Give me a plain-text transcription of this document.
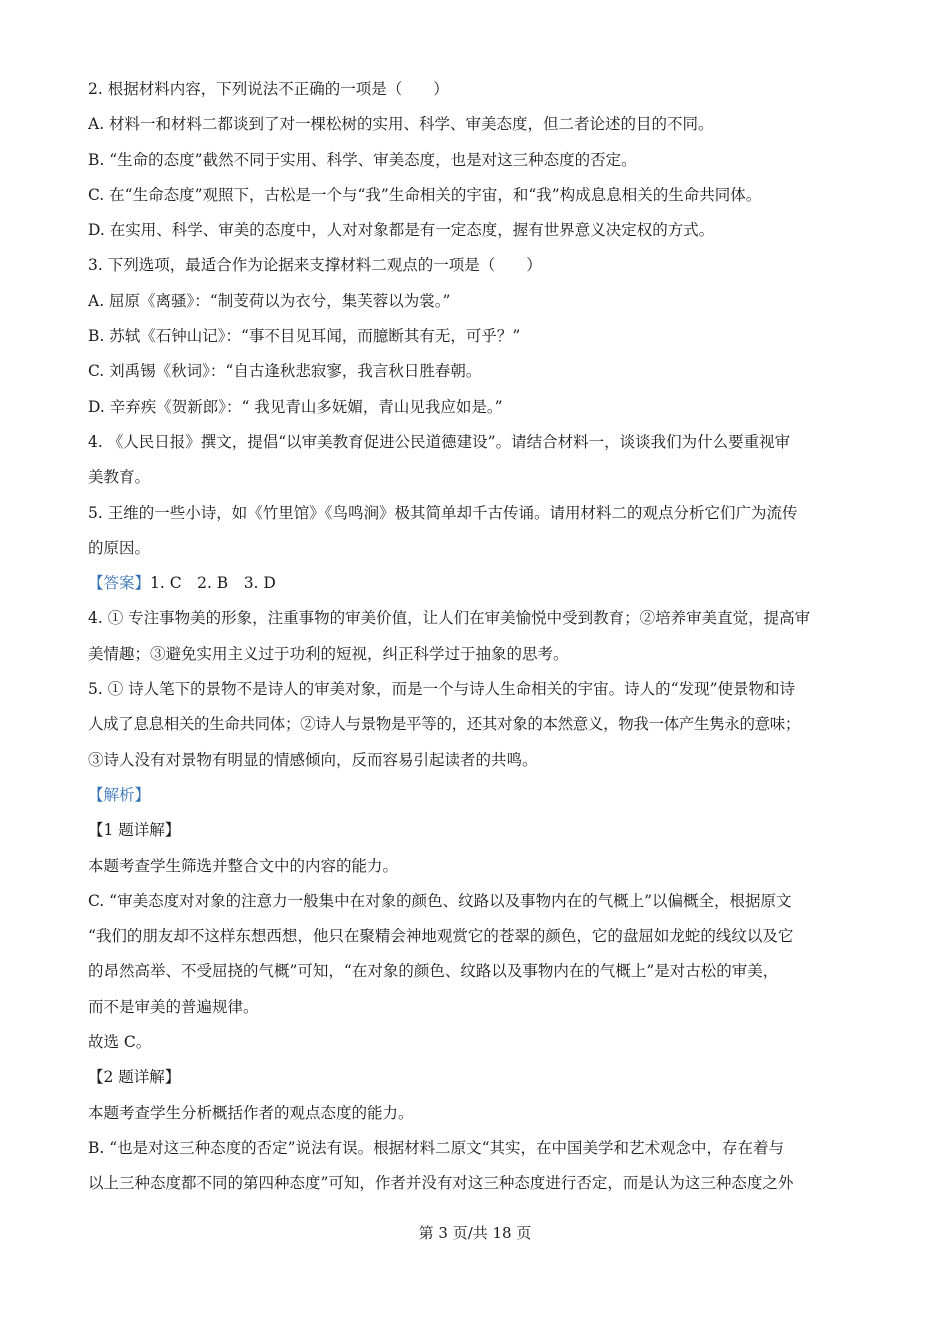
2. 根据材料内容，下列说法不正确的一项是（　　）
A. 材料一和材料二都谈到了对一棵松树的实用、科学、审美态度，但二者论述的目的不同。
B. “生命的态度”截然不同于实用、科学、审美态度，也是对这三种态度的否定。
C. 在“生命态度”观照下，古松是一个与“我”生命相关的宇宙，和“我”构成息息相关的生命共同体。
D. 在实用、科学、审美的态度中，人对对象都是有一定态度，握有世界意义决定权的方式。
3. 下列选项，最适合作为论据来支撑材料二观点的一项是（　　）
A. 屈原《离骚》：“制芰荷以为衣兮，集芙蓉以为裳。”
B. 苏轼《石钟山记》：“事不目见耳闻，而臆断其有无，可乎？”
C. 刘禹锡《秋词》：“自古逢秋悲寂寥，我言秋日胜春朝。
D. 辛弃疾《贺新郎》：“ 我见青山多妩媚，青山见我应如是。”
4. 《人民日报》撰文，提倡“以审美教育促进公民道德建设”。请结合材料一，谈谈我们为什么要重视审
美教育。
5. 王维的一些小诗，如《竹里馆》《鸟鸣涧》极其简单却千古传诵。请用材料二的观点分析它们广为流传
的原因。
【答案】1. C　2. B　3. D
4. ① 专注事物美的形象，注重事物的审美价值，让人们在审美愉悦中受到教育；②培养审美直觉，提高审
美情趣；③避免实用主义过于功利的短视，纠正科学过于抽象的思考。
5. ① 诗人笔下的景物不是诗人的审美对象，而是一个与诗人生命相关的宇宙。诗人的“发现”使景物和诗
人成了息息相关的生命共同体；②诗人与景物是平等的，还其对象的本然意义，物我一体产生隽永的意味；
③诗人没有对景物有明显的情感倾向，反而容易引起读者的共鸣。
【解析】
【1 题详解】
本题考查学生筛选并整合文中的内容的能力。
C. “审美态度对对象的注意力一般集中在对象的颜色、纹路以及事物内在的气概上”以偏概全，根据原文
“我们的朋友却不这样东想西想，他只在聚精会神地观赏它的苍翠的颜色，它的盘屈如龙蛇的线纹以及它
的昂然高举、不受屈挠的气概”可知，“在对象的颜色、纹路以及事物内在的气概上”是对古松的审美，
而不是审美的普遍规律。
故选 C。
【2 题详解】
本题考查学生分析概括作者的观点态度的能力。
B. “也是对这三种态度的否定”说法有误。根据材料二原文“其实，在中国美学和艺术观念中，存在着与
以上三种态度都不同的第四种态度”可知，作者并没有对这三种态度进行否定，而是认为这三种态度之外
第 3 页/共 18 页
